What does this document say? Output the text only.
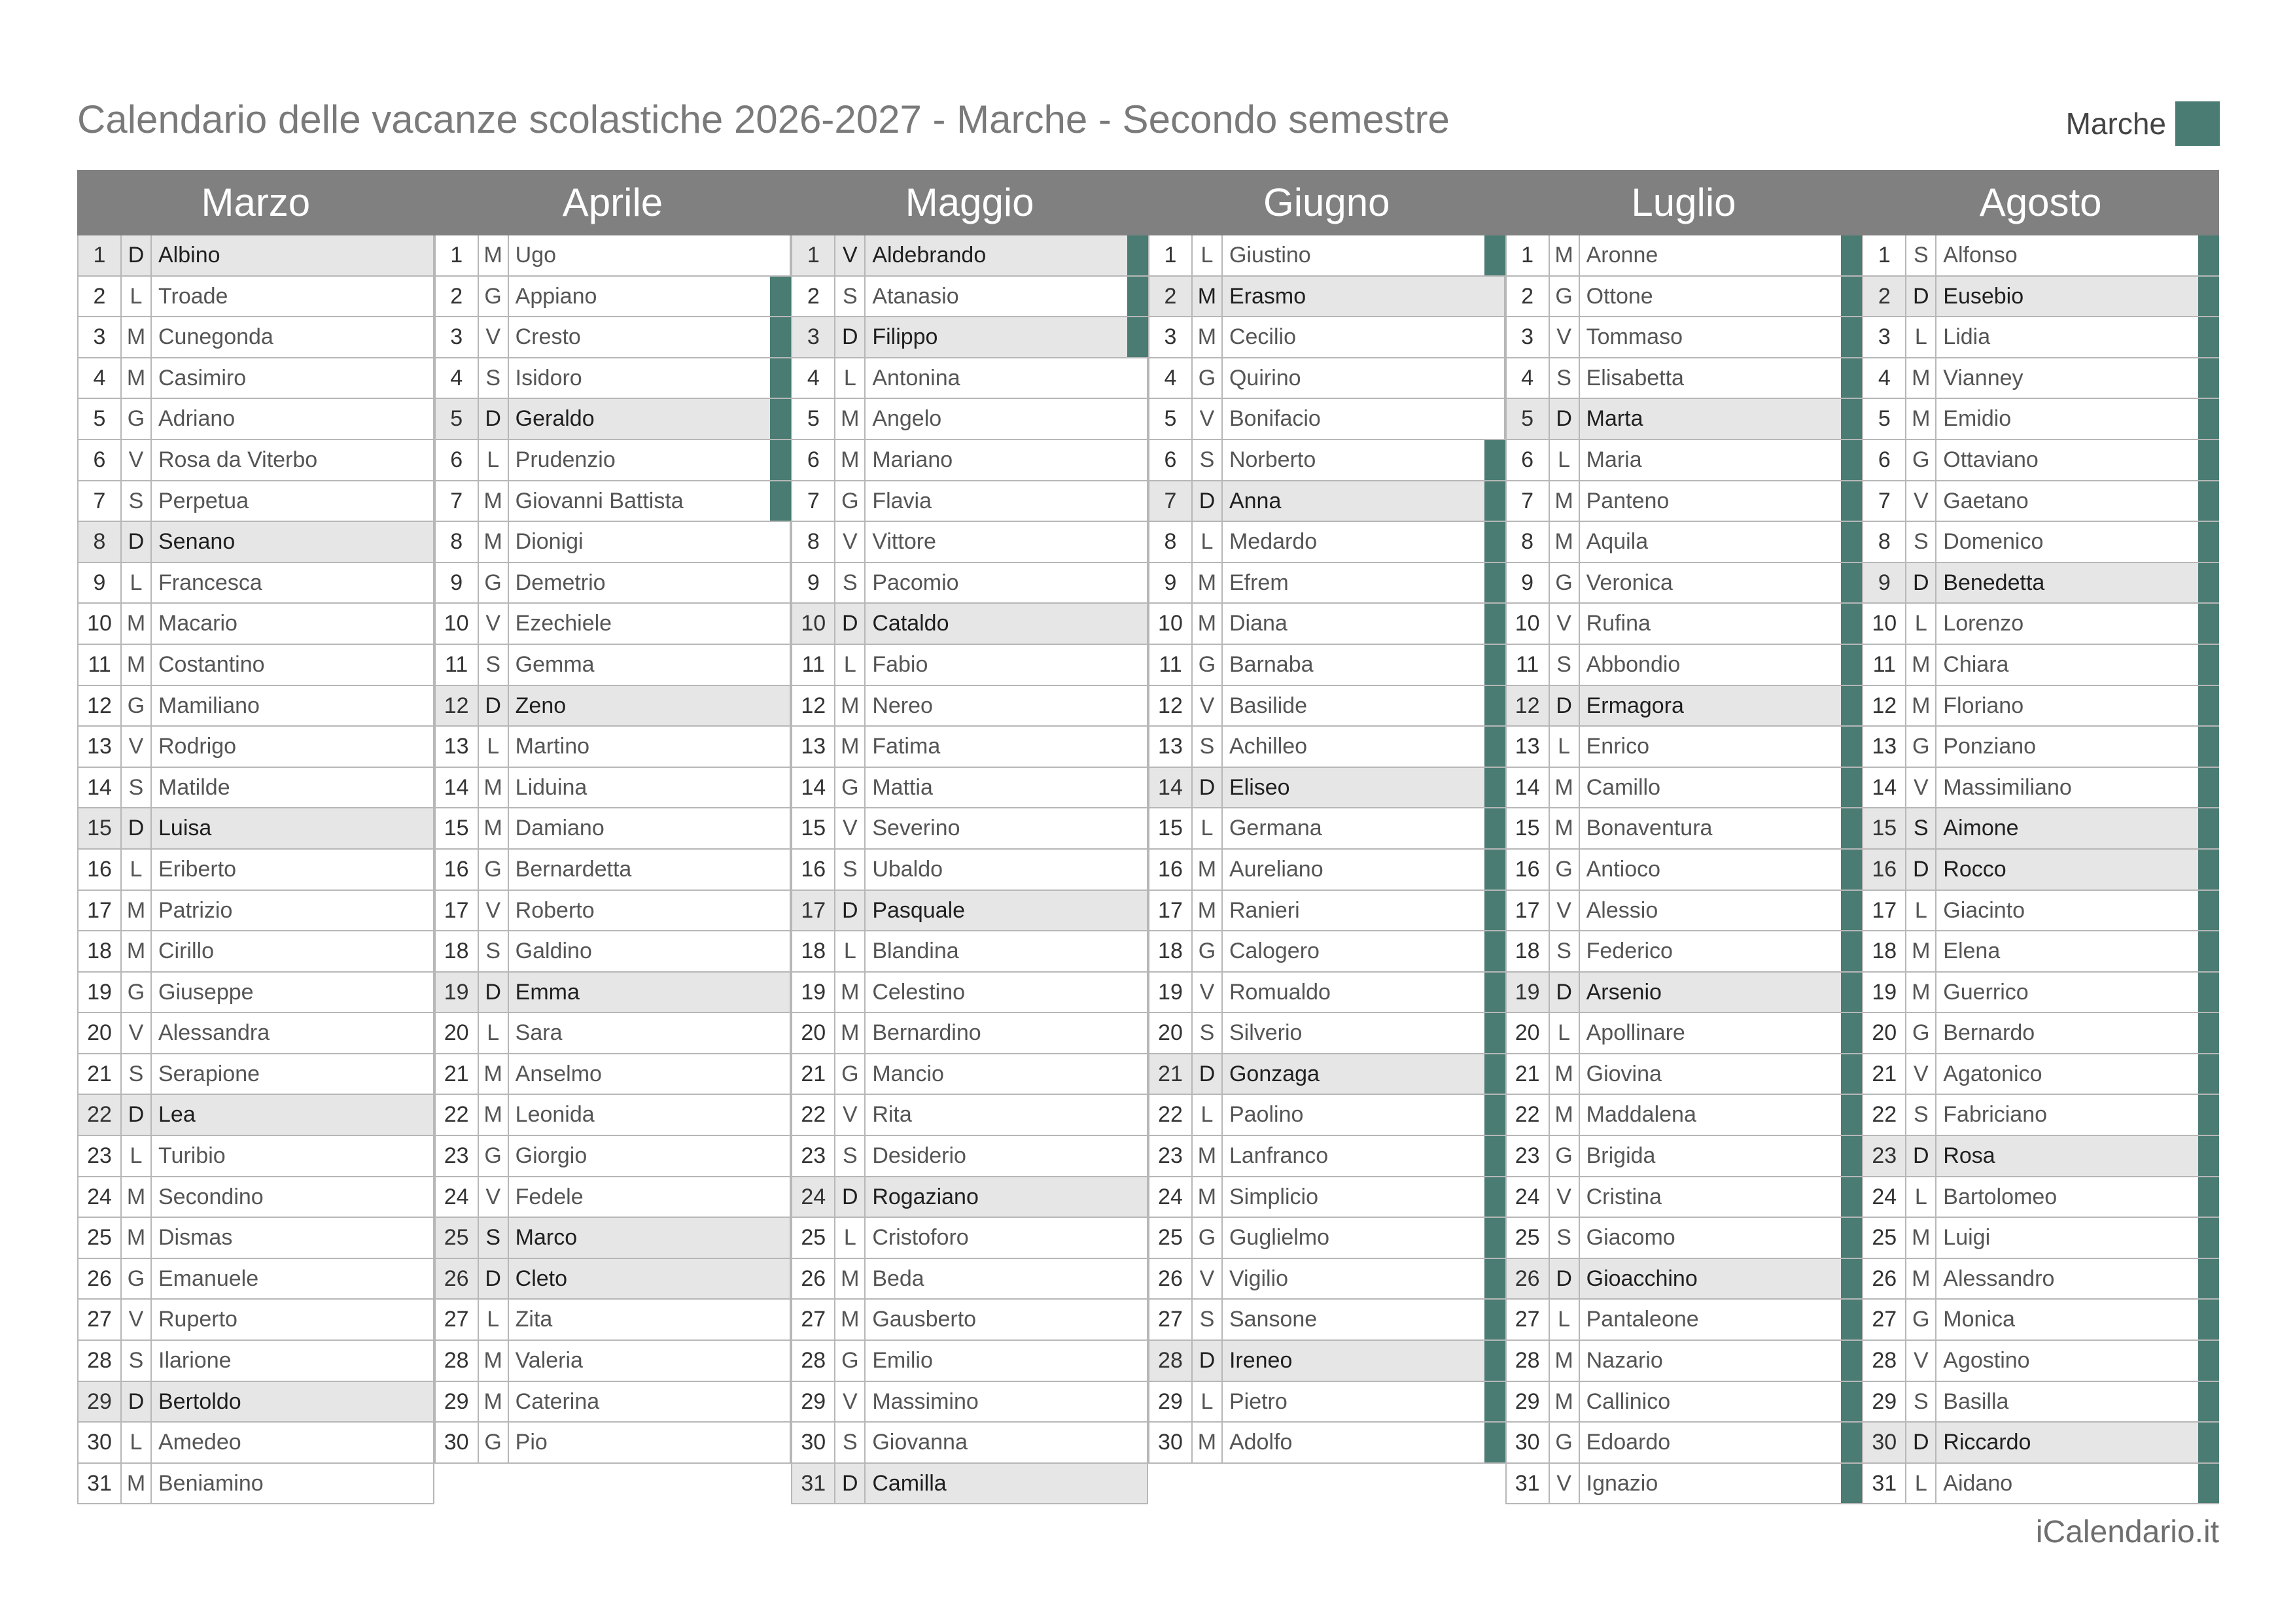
Calendario delle vacanze scolastiche 2026-2027 - Marche - Secondo semestre	Marche
Marzo	Aprile	Maggio	Giugno	Luglio	Agosto
1	D Albino
2	L Troade
3 M Cunegonda
4 M Casimiro
5 G Adriano
6	V Rosa da Viterbo
7	S Perpetua
8	D Senano
9	L Francesca
10 M Macario
11 M Costantino
12 G Mamiliano
13 V Rodrigo
14 S Matilde
15 D Luisa
16 L Eriberto
17 M Patrizio
18 M Cirillo
19 G Giuseppe
20 V Alessandra
21 S Serapione
22 D Lea
23 L Turibio
24 M Secondino
25 M Dismas
26 G Emanuele
27 V Ruperto
28 S Ilarione
29 D Bertoldo
30 L Amedeo
31 M Beniamino
1 M Ugo
2 G Appiano
3	V Cresto
4	S Isidoro
5	D Geraldo
6	L Prudenzio
7 M Giovanni Battista
8 M Dionigi
9 G Demetrio
10 V Ezechiele
11 S Gemma
12 D Zeno
13 L Martino
14 M Liduina
15 M Damiano
16 G Bernardetta
17 V Roberto
18 S Galdino
19 D Emma
20 L Sara
21 M Anselmo
22 M Leonida
23 G Giorgio
24 V Fedele
25 S Marco
26 D Cleto
27 L Zita
28 M Valeria
29 M Caterina
30 G Pio
1	V Aldebrando
2	S Atanasio
3	D Filippo
4	L Antonina
5 M Angelo
6 M Mariano
7 G Flavia
8	V Vittore
9	S Pacomio
10 D Cataldo
11 L Fabio
12 M Nereo
13 M Fatima
14 G Mattia
15 V Severino
16 S Ubaldo
17 D Pasquale
18 L Blandina
19 M Celestino
20 M Bernardino
21 G Mancio
22 V Rita
23 S Desiderio
24 D Rogaziano
25 L Cristoforo
26 M Beda
27 M Gausberto
28 G Emilio
29 V Massimino
30 S Giovanna
31 D Camilla
1	L Giustino
2 M Erasmo
3 M Cecilio
4 G Quirino
5	V Bonifacio
6	S Norberto
7	D Anna
8	L Medardo
9 M Efrem
10 M Diana
11 G Barnaba
12 V Basilide
13 S Achilleo
14 D Eliseo
15 L Germana
16 M Aureliano
17 M Ranieri
18 G Calogero
19 V Romualdo
20 S Silverio
21 D Gonzaga
22 L Paolino
23 M Lanfranco
24 M Simplicio
25 G Guglielmo
26 V Vigilio
27 S Sansone
28 D Ireneo
29 L Pietro
30 M Adolfo
1 M Aronne
2 G Ottone
3	V Tommaso
4	S Elisabetta
5	D Marta
6	L Maria
7 M Panteno
8 M Aquila
9 G Veronica
10 V Rufina
11 S Abbondio
12 D Ermagora
13 L Enrico
14 M Camillo
15 M Bonaventura
16 G Antioco
17 V Alessio
18 S Federico
19 D Arsenio
20 L Apollinare
21 M Giovina
22 M Maddalena
23 G Brigida
24 V Cristina
25 S Giacomo
26 D Gioacchino
27 L Pantaleone
28 M Nazario
29 M Callinico
30 G Edoardo
31 V Ignazio
1	S Alfonso
2	D Eusebio
3	L Lidia
4 M Vianney
5 M Emidio
6 G Ottaviano
7	V Gaetano
8	S Domenico
9	D Benedetta
10 L Lorenzo
11 M Chiara
12 M Floriano
13 G Ponziano
14 V Massimiliano
15 S Aimone
16 D Rocco
17 L Giacinto
18 M Elena
19 M Guerrico
20 G Bernardo
21 V Agatonico
22 S Fabriciano
23 D Rosa
24 L Bartolomeo
25 M Luigi
26 M Alessandro
27 G Monica
28 V Agostino
29 S Basilla
30 D Riccardo
31 L Aidano
iCalendario.it
